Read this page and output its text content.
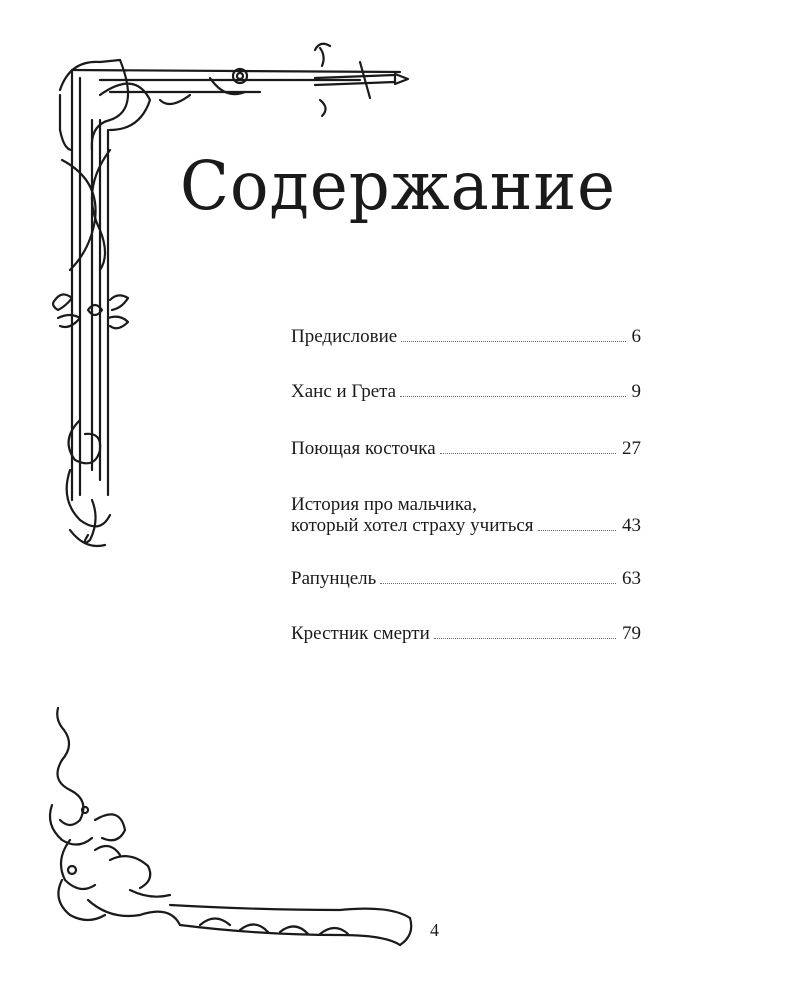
Содержание
Предисловие	6
Ханс и Грета	9
Поющая косточка	27
История про мальчика,
который хотел страху учиться	43
Рапунцель	63
Крестник смерти	79
4
